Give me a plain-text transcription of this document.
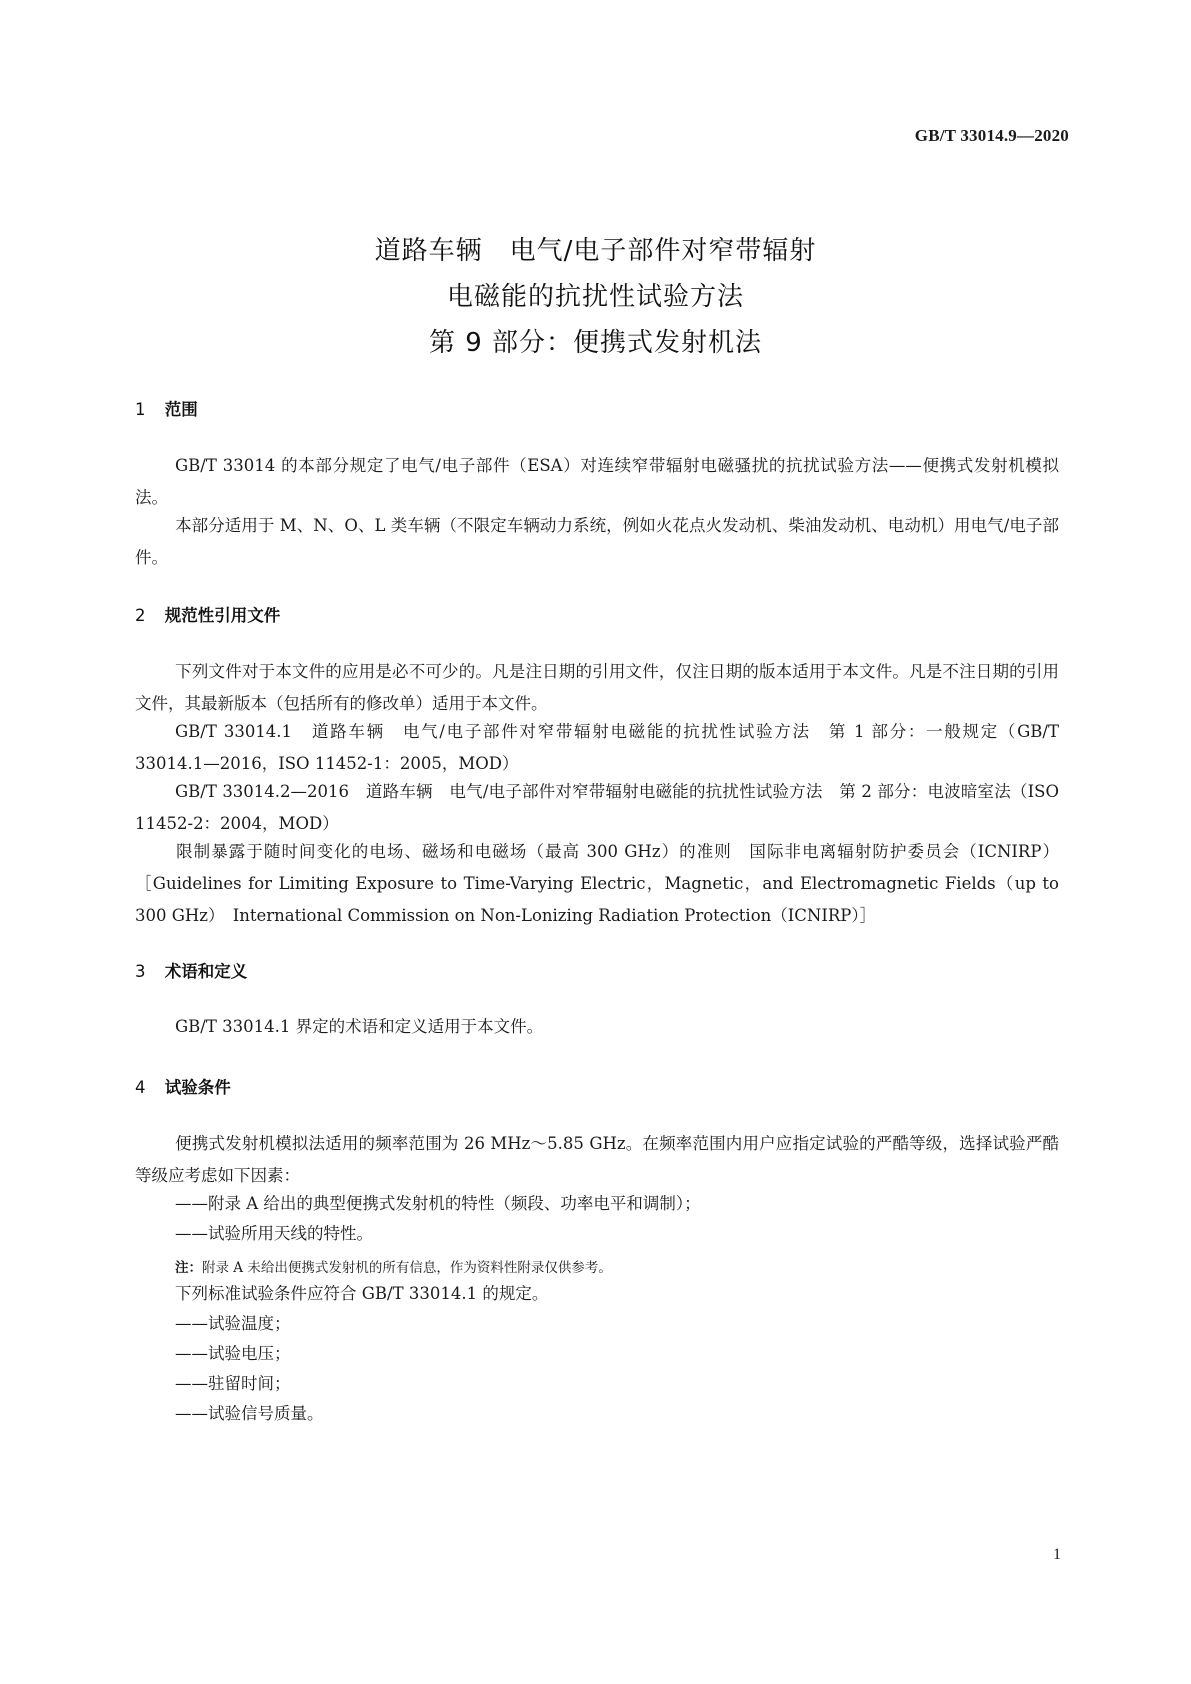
GB/T 33014.9—2020
道路车辆　电气/电子部件对窄带辐射
电磁能的抗扰性试验方法
第 9 部分：便携式发射机法
1 范围

GB/T 33014 的本部分规定了电气/电子部件（ESA）对连续窄带辐射电磁骚扰的抗扰试验方法——便携式发射机模拟法。

本部分适用于 M、N、O、L 类车辆（不限定车辆动力系统，例如火花点火发动机、柴油发动机、电动机）用电气/电子部件。

2 规范性引用文件

下列文件对于本文件的应用是必不可少的。凡是注日期的引用文件，仅注日期的版本适用于本文件。凡是不注日期的引用文件，其最新版本（包括所有的修改单）适用于本文件。

GB/T 33014.1　道路车辆　电气/电子部件对窄带辐射电磁能的抗扰性试验方法　第 1 部分：一般规定（GB/T 33014.1—2016，ISO 11452-1：2005，MOD）

GB/T 33014.2—2016　道路车辆　电气/电子部件对窄带辐射电磁能的抗扰性试验方法　第 2 部分：电波暗室法（ISO 11452-2：2004，MOD）

限制暴露于随时间变化的电场、磁场和电磁场（最高 300 GHz）的准则　国际非电离辐射防护委员会（ICNIRP）［Guidelines for Limiting Exposure to Time-Varying Electric，Magnetic，and Electromagnetic Fields（up to 300 GHz）　International Commission on Non-Lonizing Radiation Protection（ICNIRP）］

3 术语和定义

GB/T 33014.1 界定的术语和定义适用于本文件。

4 试验条件

便携式发射机模拟法适用的频率范围为 26 MHz～5.85 GHz。在频率范围内用户应指定试验的严酷等级，选择试验严酷等级应考虑如下因素：

——附录 A 给出的典型便携式发射机的特性（频段、功率电平和调制）；
——试验所用天线的特性。
注：附录 A 未给出便携式发射机的所有信息，作为资料性附录仅供参考。
下列标准试验条件应符合 GB/T 33014.1 的规定。
——试验温度；
——试验电压；
——驻留时间；
——试验信号质量。
1
